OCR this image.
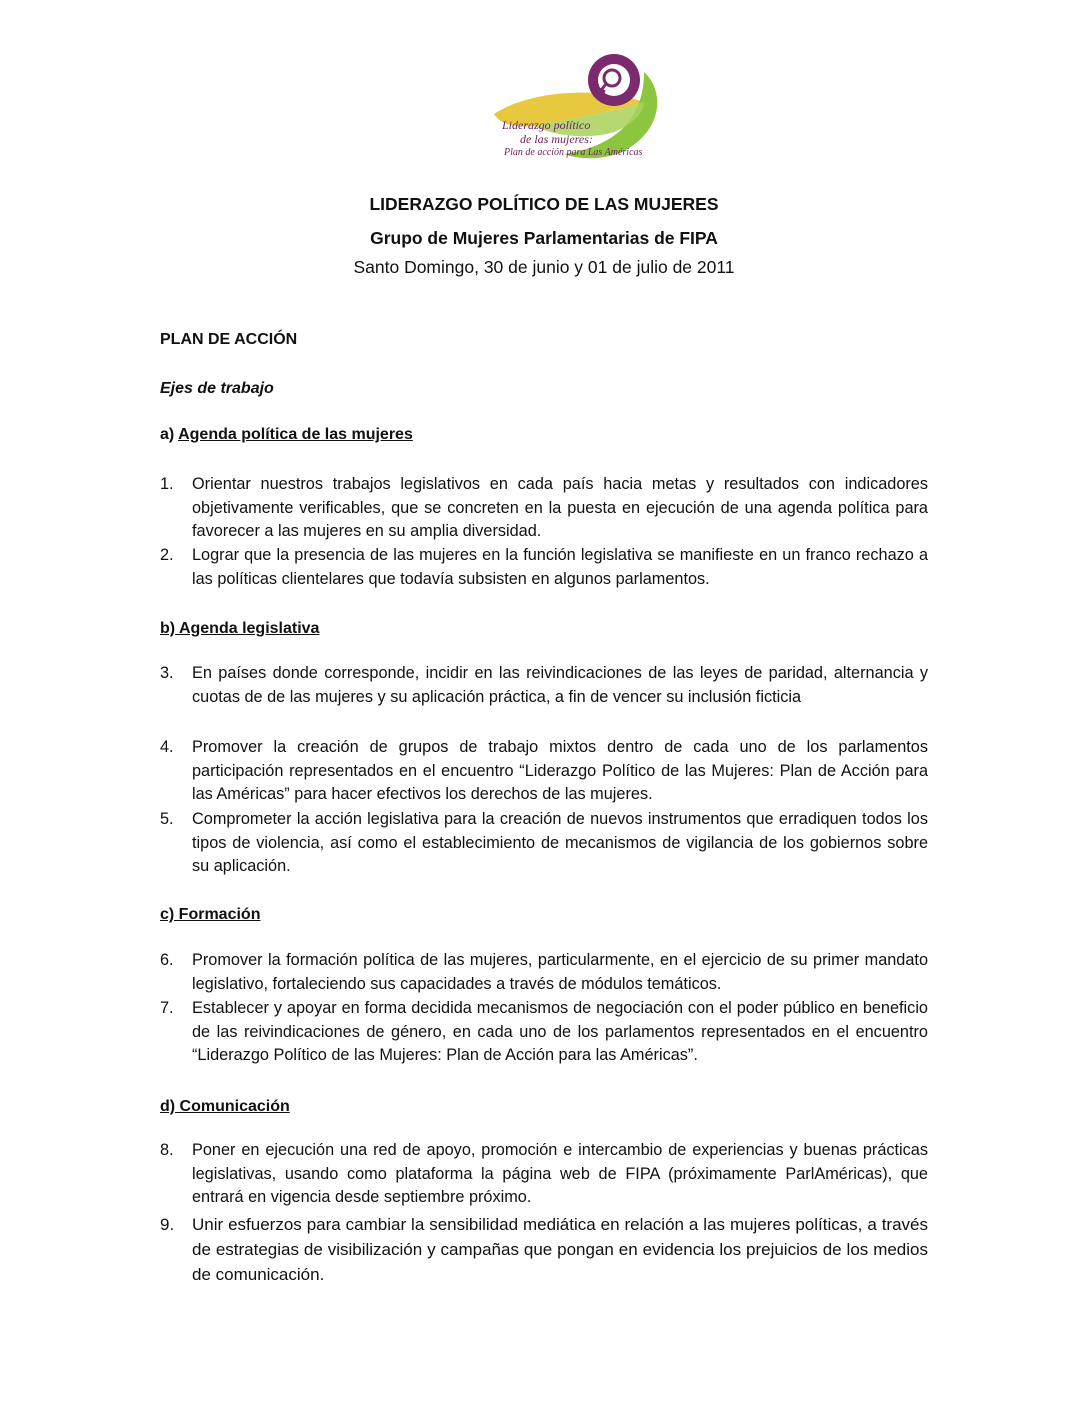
Liderazgo político
de las mujeres:
Plan de acción para Las Américas
LIDERAZGO POLÍTICO DE LAS MUJERES
Grupo de Mujeres Parlamentarias de FIPA
Santo Domingo, 30 de junio y 01 de julio de 2011
PLAN DE ACCIÓN
Ejes de trabajo
a) Agenda política de las mujeres
1.	Orientar nuestros trabajos legislativos en cada país hacia metas y resultados con indicadores objetivamente verificables, que se concreten en la puesta en ejecución de una agenda política para favorecer a las mujeres en su amplia diversidad.
2.	Lograr que la presencia de las mujeres en la función legislativa se manifieste en un franco rechazo a las políticas clientelares que todavía subsisten en algunos parlamentos.
b) Agenda legislativa
3.	En países donde corresponde, incidir en las reivindicaciones de las leyes de paridad, alternancia y cuotas de de las mujeres y su aplicación práctica, a fin de vencer su inclusión ficticia
4.	Promover la creación de grupos de trabajo mixtos dentro de cada uno de los parlamentos participación representados en el encuentro “Liderazgo Político de las Mujeres: Plan de Acción para las Américas” para hacer efectivos los derechos de las mujeres.
5.	Comprometer la acción legislativa para la creación de nuevos instrumentos que erradiquen todos los tipos de violencia, así como el establecimiento de mecanismos de vigilancia de los gobiernos sobre su aplicación.
c) Formación
6.	Promover la formación política de las mujeres, particularmente, en el ejercicio de su primer mandato legislativo, fortaleciendo sus capacidades a través de módulos temáticos.
7.	Establecer y apoyar en forma decidida mecanismos de negociación con el poder público en beneficio de las reivindicaciones de género, en cada uno de los parlamentos representados en el encuentro “Liderazgo Político de las Mujeres: Plan de Acción para las Américas”.
d) Comunicación
8.	Poner en ejecución una red de apoyo, promoción e intercambio de experiencias y buenas prácticas legislativas, usando como plataforma la página web de FIPA (próximamente ParlAméricas), que entrará en vigencia desde septiembre próximo.
9.	Unir esfuerzos para cambiar la sensibilidad mediática en relación a las mujeres políticas, a través de estrategias de visibilización y campañas que pongan en evidencia los prejuicios de los medios de comunicación.
